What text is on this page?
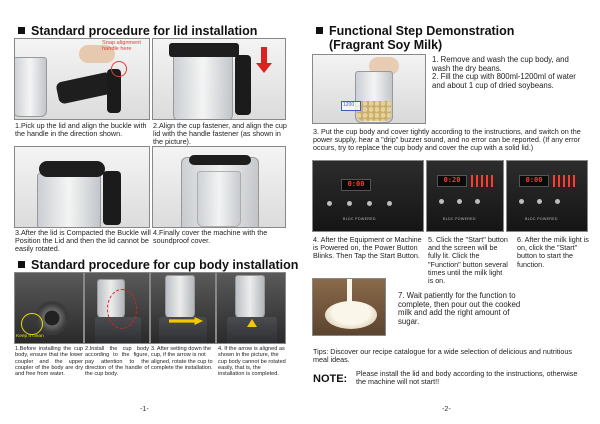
Standard procedure for lid installation
Snap alignment handle here
1.Pick up the lid and align the buckle with the handle in the direction shown.
2.Align the cup fastener, and align the cup lid with the handle fastener (as shown in the picture).
3.After the lid is Compacted the Buckle will Position the Lid and then the lid cannot be easily rotated.
4.Finally cover the machine with the soundproof cover.
Standard procedure for cup body installation
Keep it clean
1.Before installing the cup body, ensure that the lower coupler and the upper coupler of the body are dry and free from water.
2.Install the cup body according to the figure, pay attention to the direction of the handle of the cup body.
3. After setting down the cup, if the arrow is not aligned, rotate the cup to complete the installation.
4. If the arrow is aligned as shown in the picture, the cup body cannot be rotated easily, that is, the installation is completed.
-1-
Functional Step Demonstration
(Fragrant Soy Milk)
1200
1. Remove and wash the cup body, and wash the dry beans.
2. Fill the cup with 800ml-1200ml of water and about 1 cup of dried soybeans.
3. Put the cup body and cover tightly according to the instructions, and switch on the power supply, hear a "drip" buzzer sound, and no error can be reported. (If any error occurs, try to replace the cup body and cover the cup with a solid lid.)
0:00
BLDC POWERED
0:20
BLDC POWERED
0:00
BLDC POWERED
4. After the Equipment or Machine is Powered on, the Power Button Blinks. Then Tap the Start Button.
5. Click the "Start" button and the screen will be fully lit. Click the "Function" button several times until the milk light is on.
6. After the milk light is on, click the "Start" button to start the function.
7. Wait patiently for the function to complete, then pour out the cooked milk and add the right amount of sugar.
Tips: Discover our recipe catalogue for a wide selection of delicious and nutritious meal ideas.
NOTE: Please install the lid and body according to the instructions, otherwise the machine will not start!!
-2-
